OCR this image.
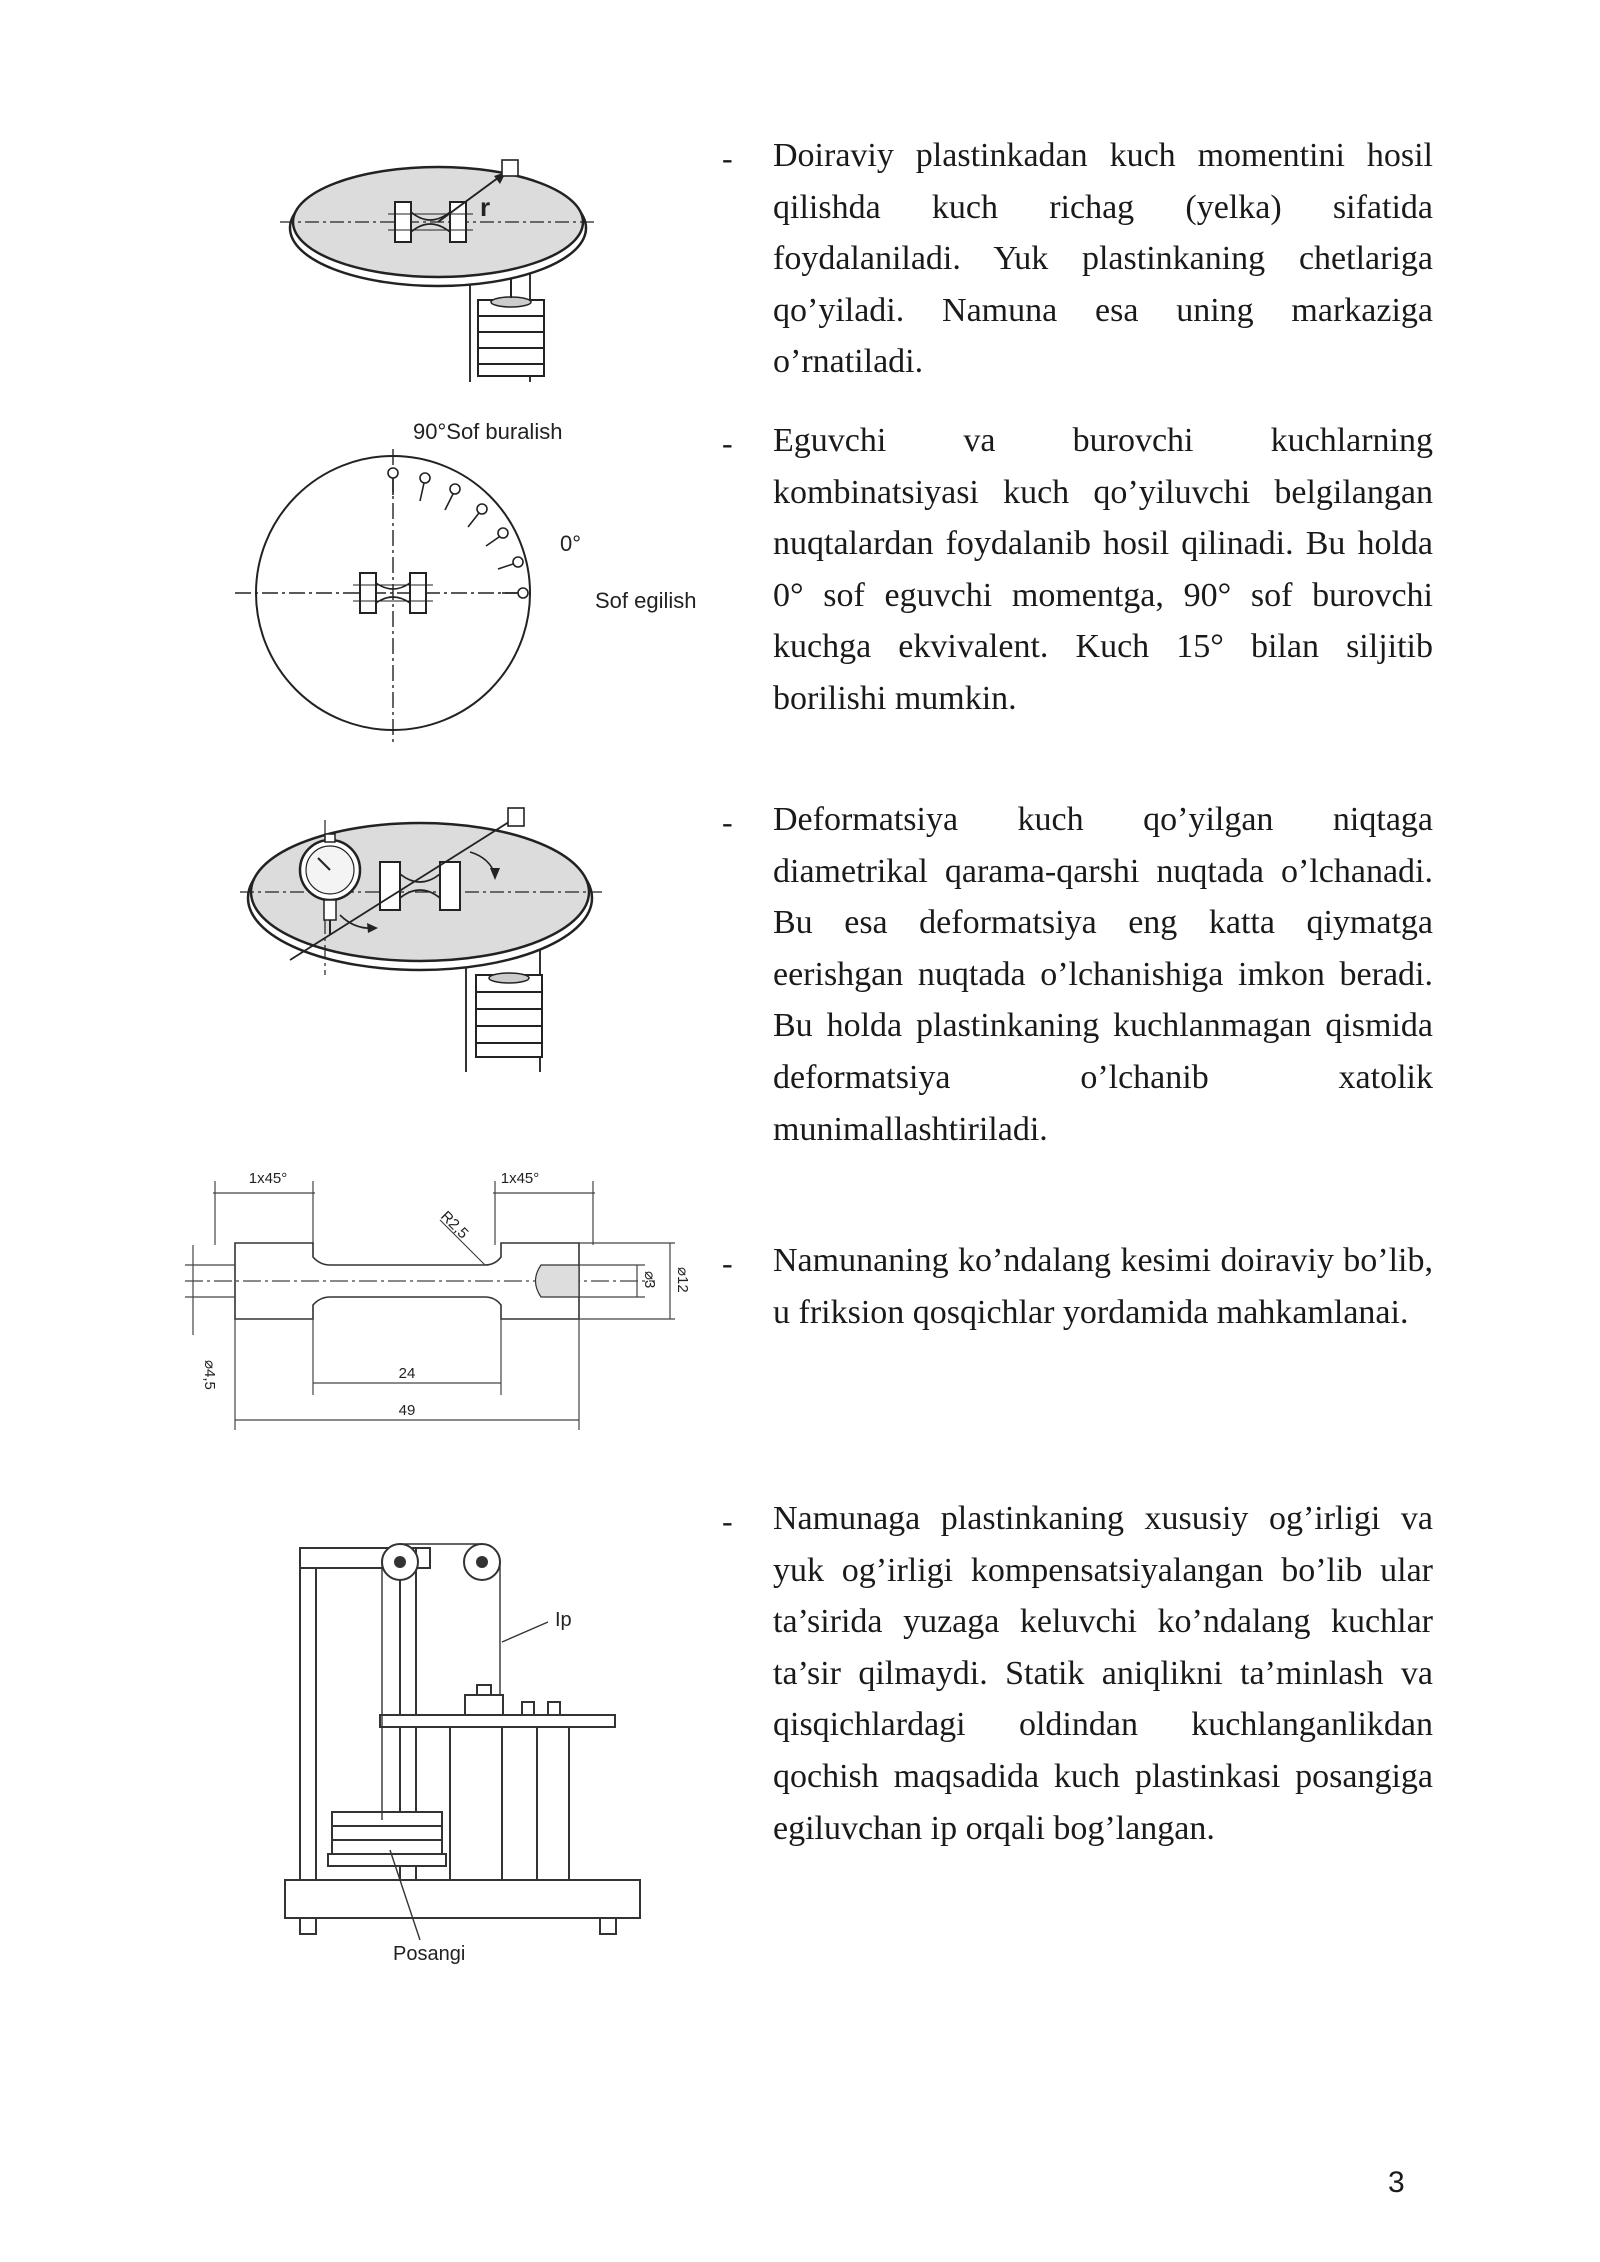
r
90°Sof buralish
0°
Sof egilish
1x45°	1x45°
R2,5
⌀4,5
⌀3 ⌀12
24
49
Ip
Posangi
- Doiraviy plastinkadan kuch momentini hosil qilishda kuch richag (yelka) sifatida foydalaniladi. Yuk plastinkaning chetlariga qo’yiladi. Namuna esa uning markaziga o’rnatiladi.

- Eguvchi va burovchi kuchlarning kombinatsiyasi kuch qo’yiluvchi belgilangan nuqtalardan foydalanib hosil qilinadi. Bu holda 0° sof eguvchi momentga, 90° sof burovchi kuchga ekvivalent. Kuch 15° bilan siljitib borilishi mumkin.

- Deformatsiya kuch qo’yilgan niqtaga diametrikal qarama-qarshi nuqtada o’lchanadi. Bu esa deformatsiya eng katta qiymatga eerishgan nuqtada o’lchanishiga imkon beradi. Bu holda plastinkaning kuchlanmagan qismida deformatsiya o’lchanib xatolik munimallashtiriladi.

- Namunaning ko’ndalang kesimi doiraviy bo’lib, u friksion qosqichlar yordamida mahkamlanai.

- Namunaga plastinkaning xususiy og’irligi va yuk og’irligi kompensatsiyalangan bo’lib ular ta’sirida yuzaga keluvchi ko’ndalang kuchlar ta’sir qilmaydi. Statik aniqlikni ta’minlash va qisqichlardagi oldindan kuchlanganlikdan qochish maqsadida kuch plastinkasi posangiga egiluvchan ip orqali bog’langan.

3
